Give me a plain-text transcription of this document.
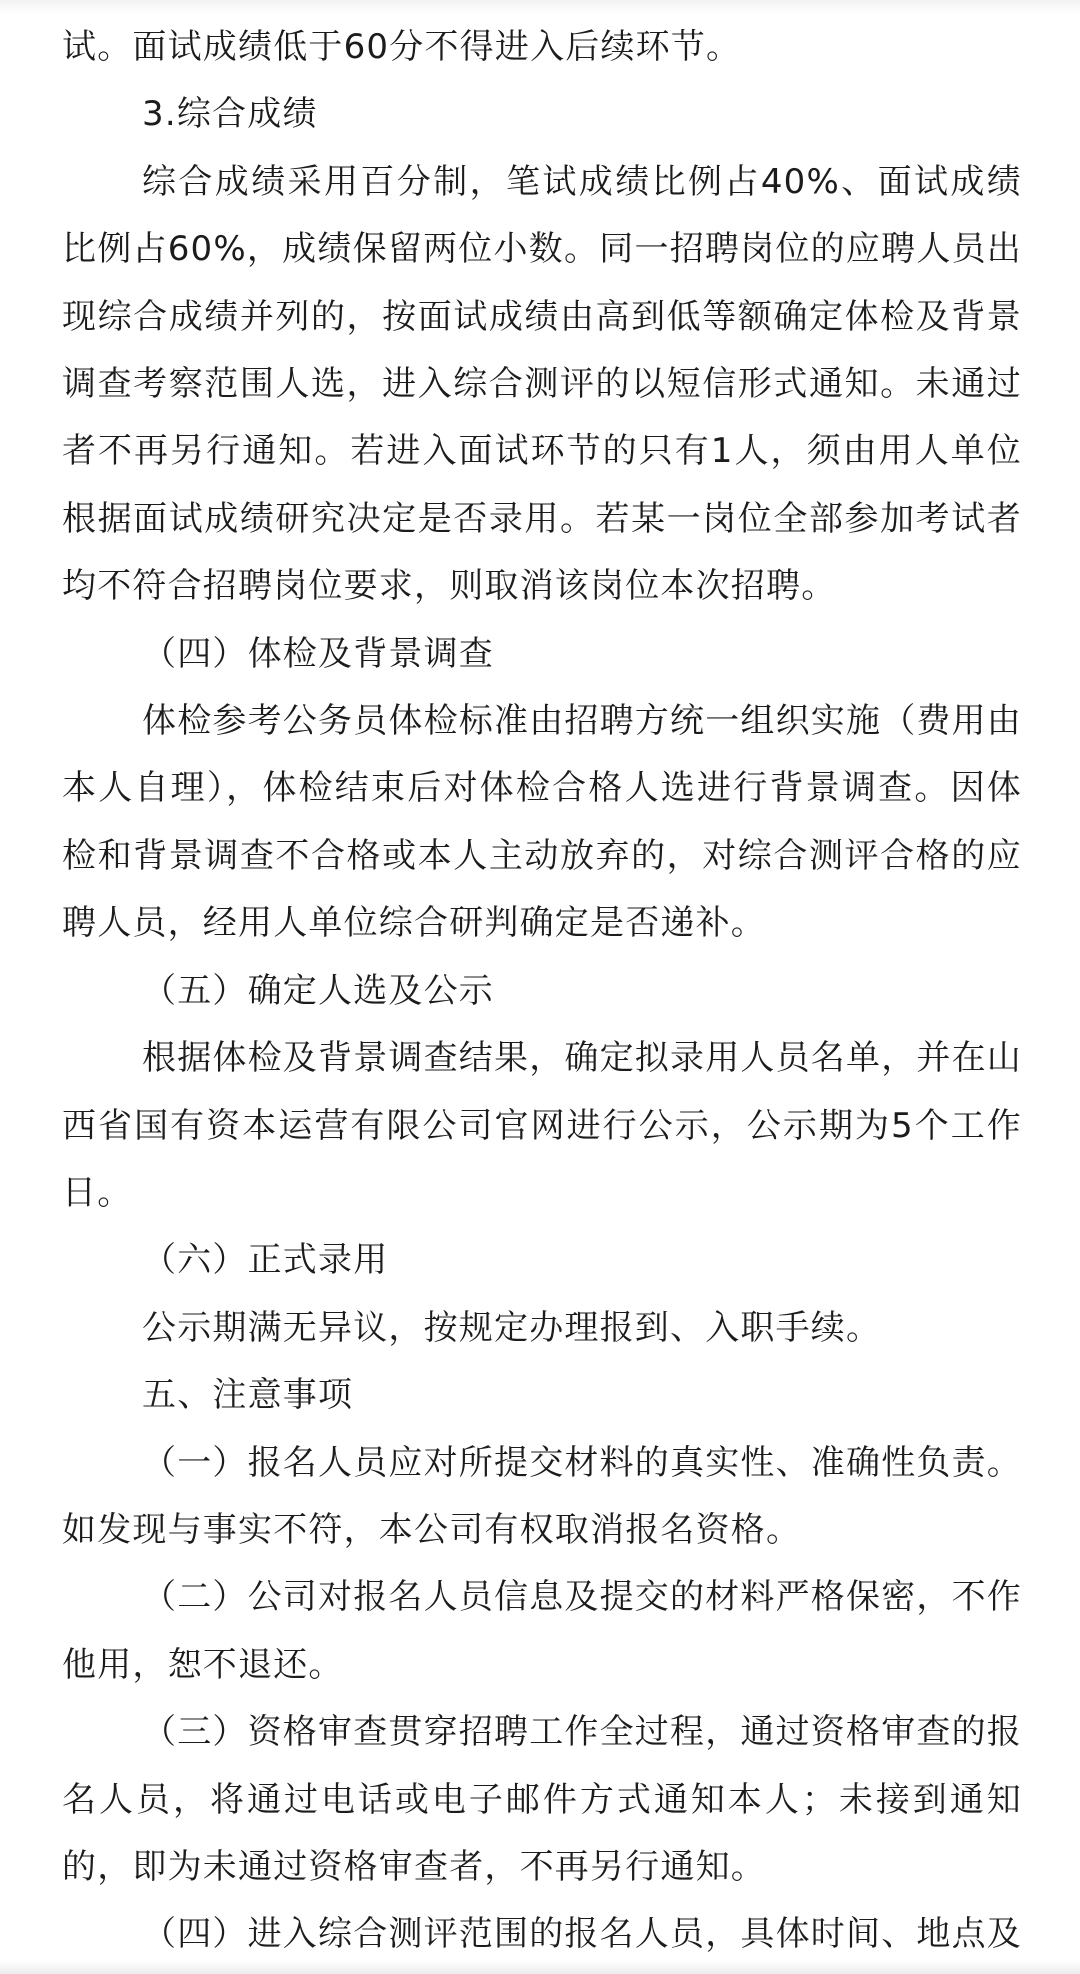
试。面试成绩低于60分不得进入后续环节。

3.综合成绩

综合成绩采用百分制，笔试成绩比例占40%、面试成绩比例占60%，成绩保留两位小数。同一招聘岗位的应聘人员出现综合成绩并列的，按面试成绩由高到低等额确定体检及背景调查考察范围人选，进入综合测评的以短信形式通知。未通过者不再另行通知。若进入面试环节的只有1人，须由用人单位根据面试成绩研究决定是否录用。若某一岗位全部参加考试者均不符合招聘岗位要求，则取消该岗位本次招聘。

（四）体检及背景调查

体检参考公务员体检标准由招聘方统一组织实施（费用由本人自理），体检结束后对体检合格人选进行背景调查。因体检和背景调查不合格或本人主动放弃的，对综合测评合格的应聘人员，经用人单位综合研判确定是否递补。

（五）确定人选及公示

根据体检及背景调查结果，确定拟录用人员名单，并在山西省国有资本运营有限公司官网进行公示，公示期为5个工作日。

（六）正式录用

公示期满无异议，按规定办理报到、入职手续。

五、注意事项

（一）报名人员应对所提交材料的真实性、准确性负责。如发现与事实不符，本公司有权取消报名资格。

（二）公司对报名人员信息及提交的材料严格保密，不作他用，恕不退还。

（三）资格审查贯穿招聘工作全过程，通过资格审查的报名人员，将通过电话或电子邮件方式通知本人；未接到通知的，即为未通过资格审查者，不再另行通知。

（四）进入综合测评范围的报名人员，具体时间、地点及
